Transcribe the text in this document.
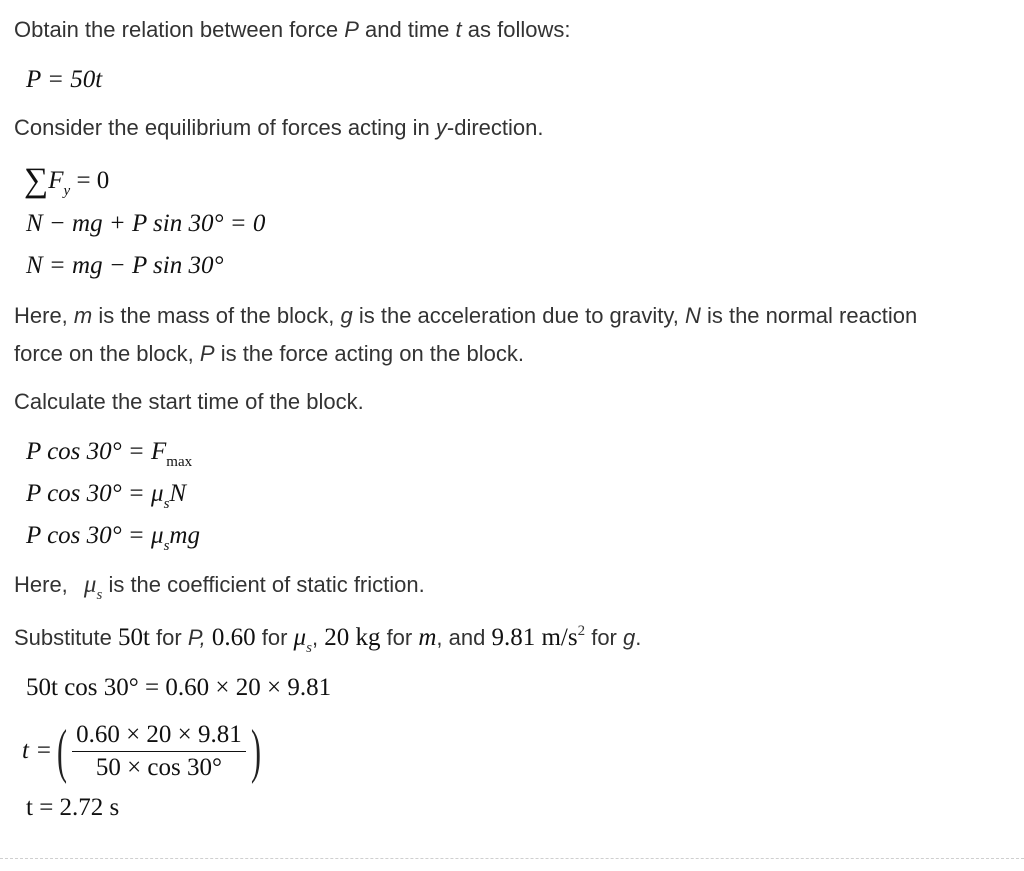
Obtain the relation between force P and time t as follows:
P = 50t
Consider the equilibrium of forces acting in y-direction.
$\sum F_y = 0$
N − mg + P sin 30° = 0
N = mg − P sin 30°
Here, m is the mass of the block, g is the acceleration due to gravity, N is the normal reaction
force on the block, P is the force acting on the block.
Calculate the start time of the block.
P $\cos 30^\circ = F_{max}$
P $\cos 30^\circ = \mu_sN$
P $\cos 30^\circ = \mu_smg$
Here, $\mu_s$ is the coefficient of static friction.
Substitute 50t for P, 0.60 for $\mu_s$, 20 kg for m, and 9.81 $m/s^2$ for g.
50t cos 30° = 0.60 × 20 × 9.81
t = ( $\frac{0.60 \times 20 \times 9.81}{50 \times \cos 30^\circ}$ )
t = 2.72 s
